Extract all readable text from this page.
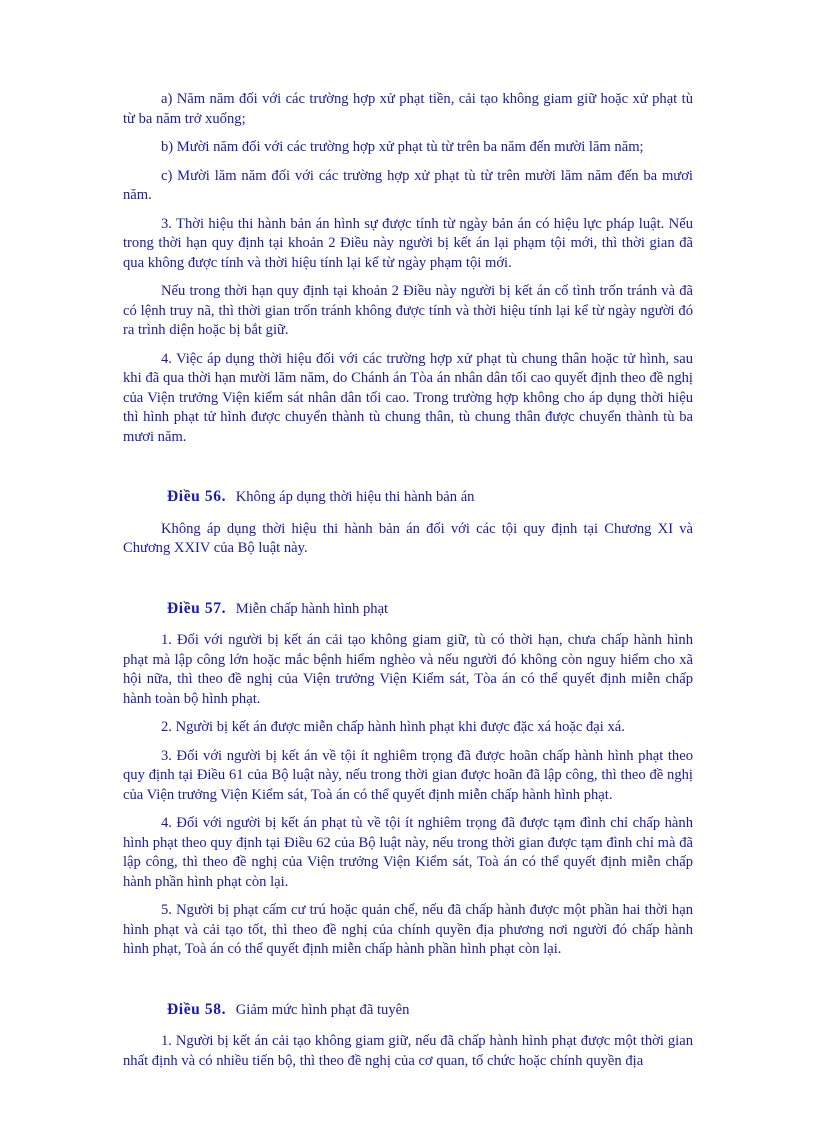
a) Năm năm đối với các trường hợp xử phạt tiền, cải tạo không giam giữ hoặc xử phạt tù từ ba năm trở xuống;

b) Mười năm đối với các trường hợp xử phạt tù từ trên ba năm đến mười lăm năm;

c) Mười lăm năm đối với các trường hợp xử phạt tù từ trên mười lăm năm đến ba mươi năm.

3. Thời hiệu thi hành bản án hình sự được tính từ ngày bản án có hiệu lực pháp luật. Nếu trong thời hạn quy định tại khoản 2 Điều này người bị kết án lại phạm tội mới, thì thời gian đã qua không được tính và thời hiệu tính lại kể từ ngày phạm tội mới.

Nếu trong thời hạn quy định tại khoản 2 Điều này người bị kết án cố tình trốn tránh và đã có lệnh truy nã, thì thời gian trốn tránh không được tính và thời hiệu tính lại kể từ ngày người đó ra trình diện hoặc bị bắt giữ.

4. Việc áp dụng thời hiệu đối với các trường hợp xử phạt tù chung thân hoặc tử hình, sau khi đã qua thời hạn mười lăm năm, do Chánh án Tòa án nhân dân tối cao quyết định theo đề nghị của Viện trưởng Viện kiểm sát nhân dân tối cao. Trong trường hợp không cho áp dụng thời hiệu thì hình phạt tử hình được chuyển thành tù chung thân, tù chung thân được chuyển thành tù ba mươi năm.

Điều 56. Không áp dụng thời hiệu thi hành bản án

Không áp dụng thời hiệu thi hành bản án đối với các tội quy định tại Chương XI và Chương XXIV của Bộ luật này.

Điều 57. Miễn chấp hành hình phạt

1. Đối với người bị kết án cải tạo không giam giữ, tù có thời hạn, chưa chấp hành hình phạt mà lập công lớn hoặc mắc bệnh hiểm nghèo và nếu người đó không còn nguy hiểm cho xã hội nữa, thì theo đề nghị của Viện trưởng Viện Kiểm sát, Tòa án có thể quyết định miễn chấp hành toàn bộ hình phạt.

2. Người bị kết án được miễn chấp hành hình phạt khi được đặc xá hoặc đại xá.

3. Đối với người bị kết án về tội ít nghiêm trọng đã được hoãn chấp hành hình phạt theo quy định tại Điều 61 của Bộ luật này, nếu trong thời gian được hoãn đã lập công, thì theo đề nghị của Viện trưởng Viện Kiểm sát, Toà án có thể quyết định miễn chấp hành hình phạt.

4. Đối với người bị kết án phạt tù về tội ít nghiêm trọng đã được tạm đình chỉ chấp hành hình phạt theo quy định tại Điều 62 của Bộ luật này, nếu trong thời gian được tạm đình chỉ mà đã lập công, thì theo đề nghị của Viện trưởng Viện Kiểm sát, Toà án có thể quyết định miễn chấp hành phần hình phạt còn lại.

5. Người bị phạt cấm cư trú hoặc quản chế, nếu đã chấp hành được một phần hai thời hạn hình phạt và cải tạo tốt, thì theo đề nghị của chính quyền địa phương nơi người đó chấp hành hình phạt, Toà án có thể quyết định miễn chấp hành phần hình phạt còn lại.

Điều 58. Giảm mức hình phạt đã tuyên

1. Người bị kết án cải tạo không giam giữ, nếu đã chấp hành hình phạt được một thời gian nhất định và có nhiều tiến bộ, thì theo đề nghị của cơ quan, tổ chức hoặc chính quyền địa
